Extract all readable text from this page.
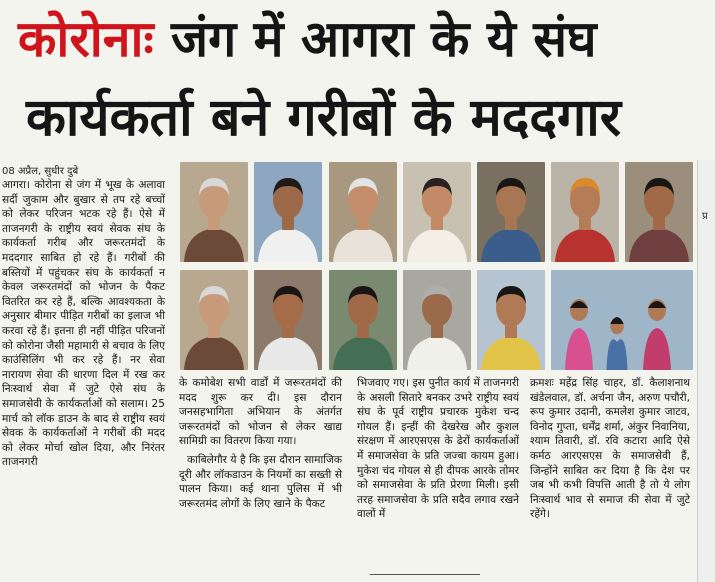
कोरोनाः जंग में आगरा के ये संघ
कार्यकर्ता बने गरीबों के मददगार
08 अप्रैल, सुधीर दुबे

आगरा। कोरोना से जंग में भूख के अलावा सर्दी जुकाम और बुखार से तप रहे बच्चों को लेकर परिजन भटक रहे हैं। ऐसे में ताजनगरी के राष्ट्रीय स्वयं सेवक संघ के कार्यकर्ता गरीब और जरूरतमंदों के मददगार साबित हो रहे हैं। गरीबों की बस्तियों में पहुंचकर संघ के कार्यकर्ता न केवल जरूरतमंदों को भोजन के पैकट वितरित कर रहे हैं, बल्कि आवश्यकता के अनुसार बीमार पीड़ित गरीबों का इलाज भी करवा रहे हैं। इतना ही नहीं पीड़ित परिजनों को कोरोना जैसी महामारी से बचाव के लिए काउंसिलिंग भी कर रहे हैं। नर सेवा नारायण सेवा की धारणा दिल में रख कर निःस्वार्थ सेवा में जुटे ऐसे संघ के समाजसेवी के कार्यकर्ताओं को सलाम। 25 मार्च को लॉक डाउन के बाद से राष्ट्रीय स्वयं सेवक के कार्यकर्ताओं ने गरीबों की मदद को लेकर मोर्चा खोल दिया, और निरंतर ताजनगरी

के कमोबेश सभी वार्डों में जरूरतमंदों की मदद शुरू कर दी। इस दौरान जनसहभागिता अभियान के अंतर्गत जरूरतमंदों को भोजन से लेकर खाद्य सामिग्री का वितरण किया गया।

काबिलेगौर ये है कि इस दौरान सामाजिक दूरी और लॉकडाउन के नियमों का सख्ती से पालन किया। कई थाना पुलिस में भी जरूरतमंद लोगों के लिए खाने के पैकट

भिजवाए गए। इस पुनीत कार्य में ताजनगरी के असली सितारे बनकर उभरे राष्ट्रीय स्वयं संघ के पूर्व राष्ट्रीय प्रचारक मुकेश चन्द गोयल हैं। इन्हीं की देखरेख और कुशल संरक्षण में आरएसएस के ढेरों कार्यकर्ताओं में समाजसेवा के प्रति जज्बा कायम हुआ। मुकेश चंद गोयल से ही दीपक आरके तोमर को समाजसेवा के प्रति प्रेरणा मिली। इसी तरह समाजसेवा के प्रति सदैव लगाव रखने वालों में

क्रमशः महेंद्र सिंह चाहर, डॉ. कैलाशनाथ खंडेलवाल, डॉ. अर्चना जैन, अरुण पचौरी, रूप कुमार उदानी, कमलेश कुमार जाटव, विनोद गुप्ता, धर्मेंद्र शर्मा, अंकुर निवानिया, श्याम तिवारी, डॉ. रवि कटारा आदि ऐसे कर्मठ आरएसएस के समाजसेवी हैं, जिन्होंने साबित कर दिया है कि देश पर जब भी कभी विपत्ति आती है तो ये लोग निःस्वार्थ भाव से समाज की सेवा में जुटे रहेंगे।

प्र
